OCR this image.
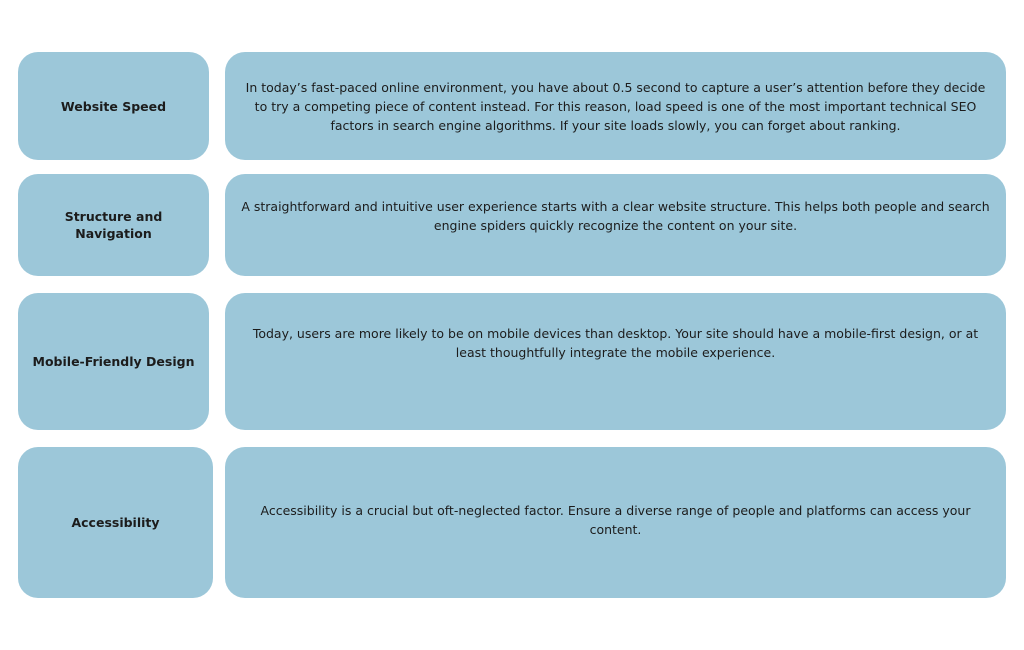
Website Speed
In today’s fast-paced online environment, you have about 0.5 second to capture a user’s attention before they decide to try a competing piece of content instead. For this reason, load speed is one of the most important technical SEO factors in search engine algorithms. If your site loads slowly, you can forget about ranking.
Structure and Navigation
A straightforward and intuitive user experience starts with a clear website structure. This helps both people and search engine spiders quickly recognize the content on your site.
Mobile-Friendly Design
Today, users are more likely to be on mobile devices than desktop. Your site should have a mobile-first design, or at least thoughtfully integrate the mobile experience.
Accessibility
Accessibility is a crucial but oft-neglected factor. Ensure a diverse range of people and platforms can access your content.
